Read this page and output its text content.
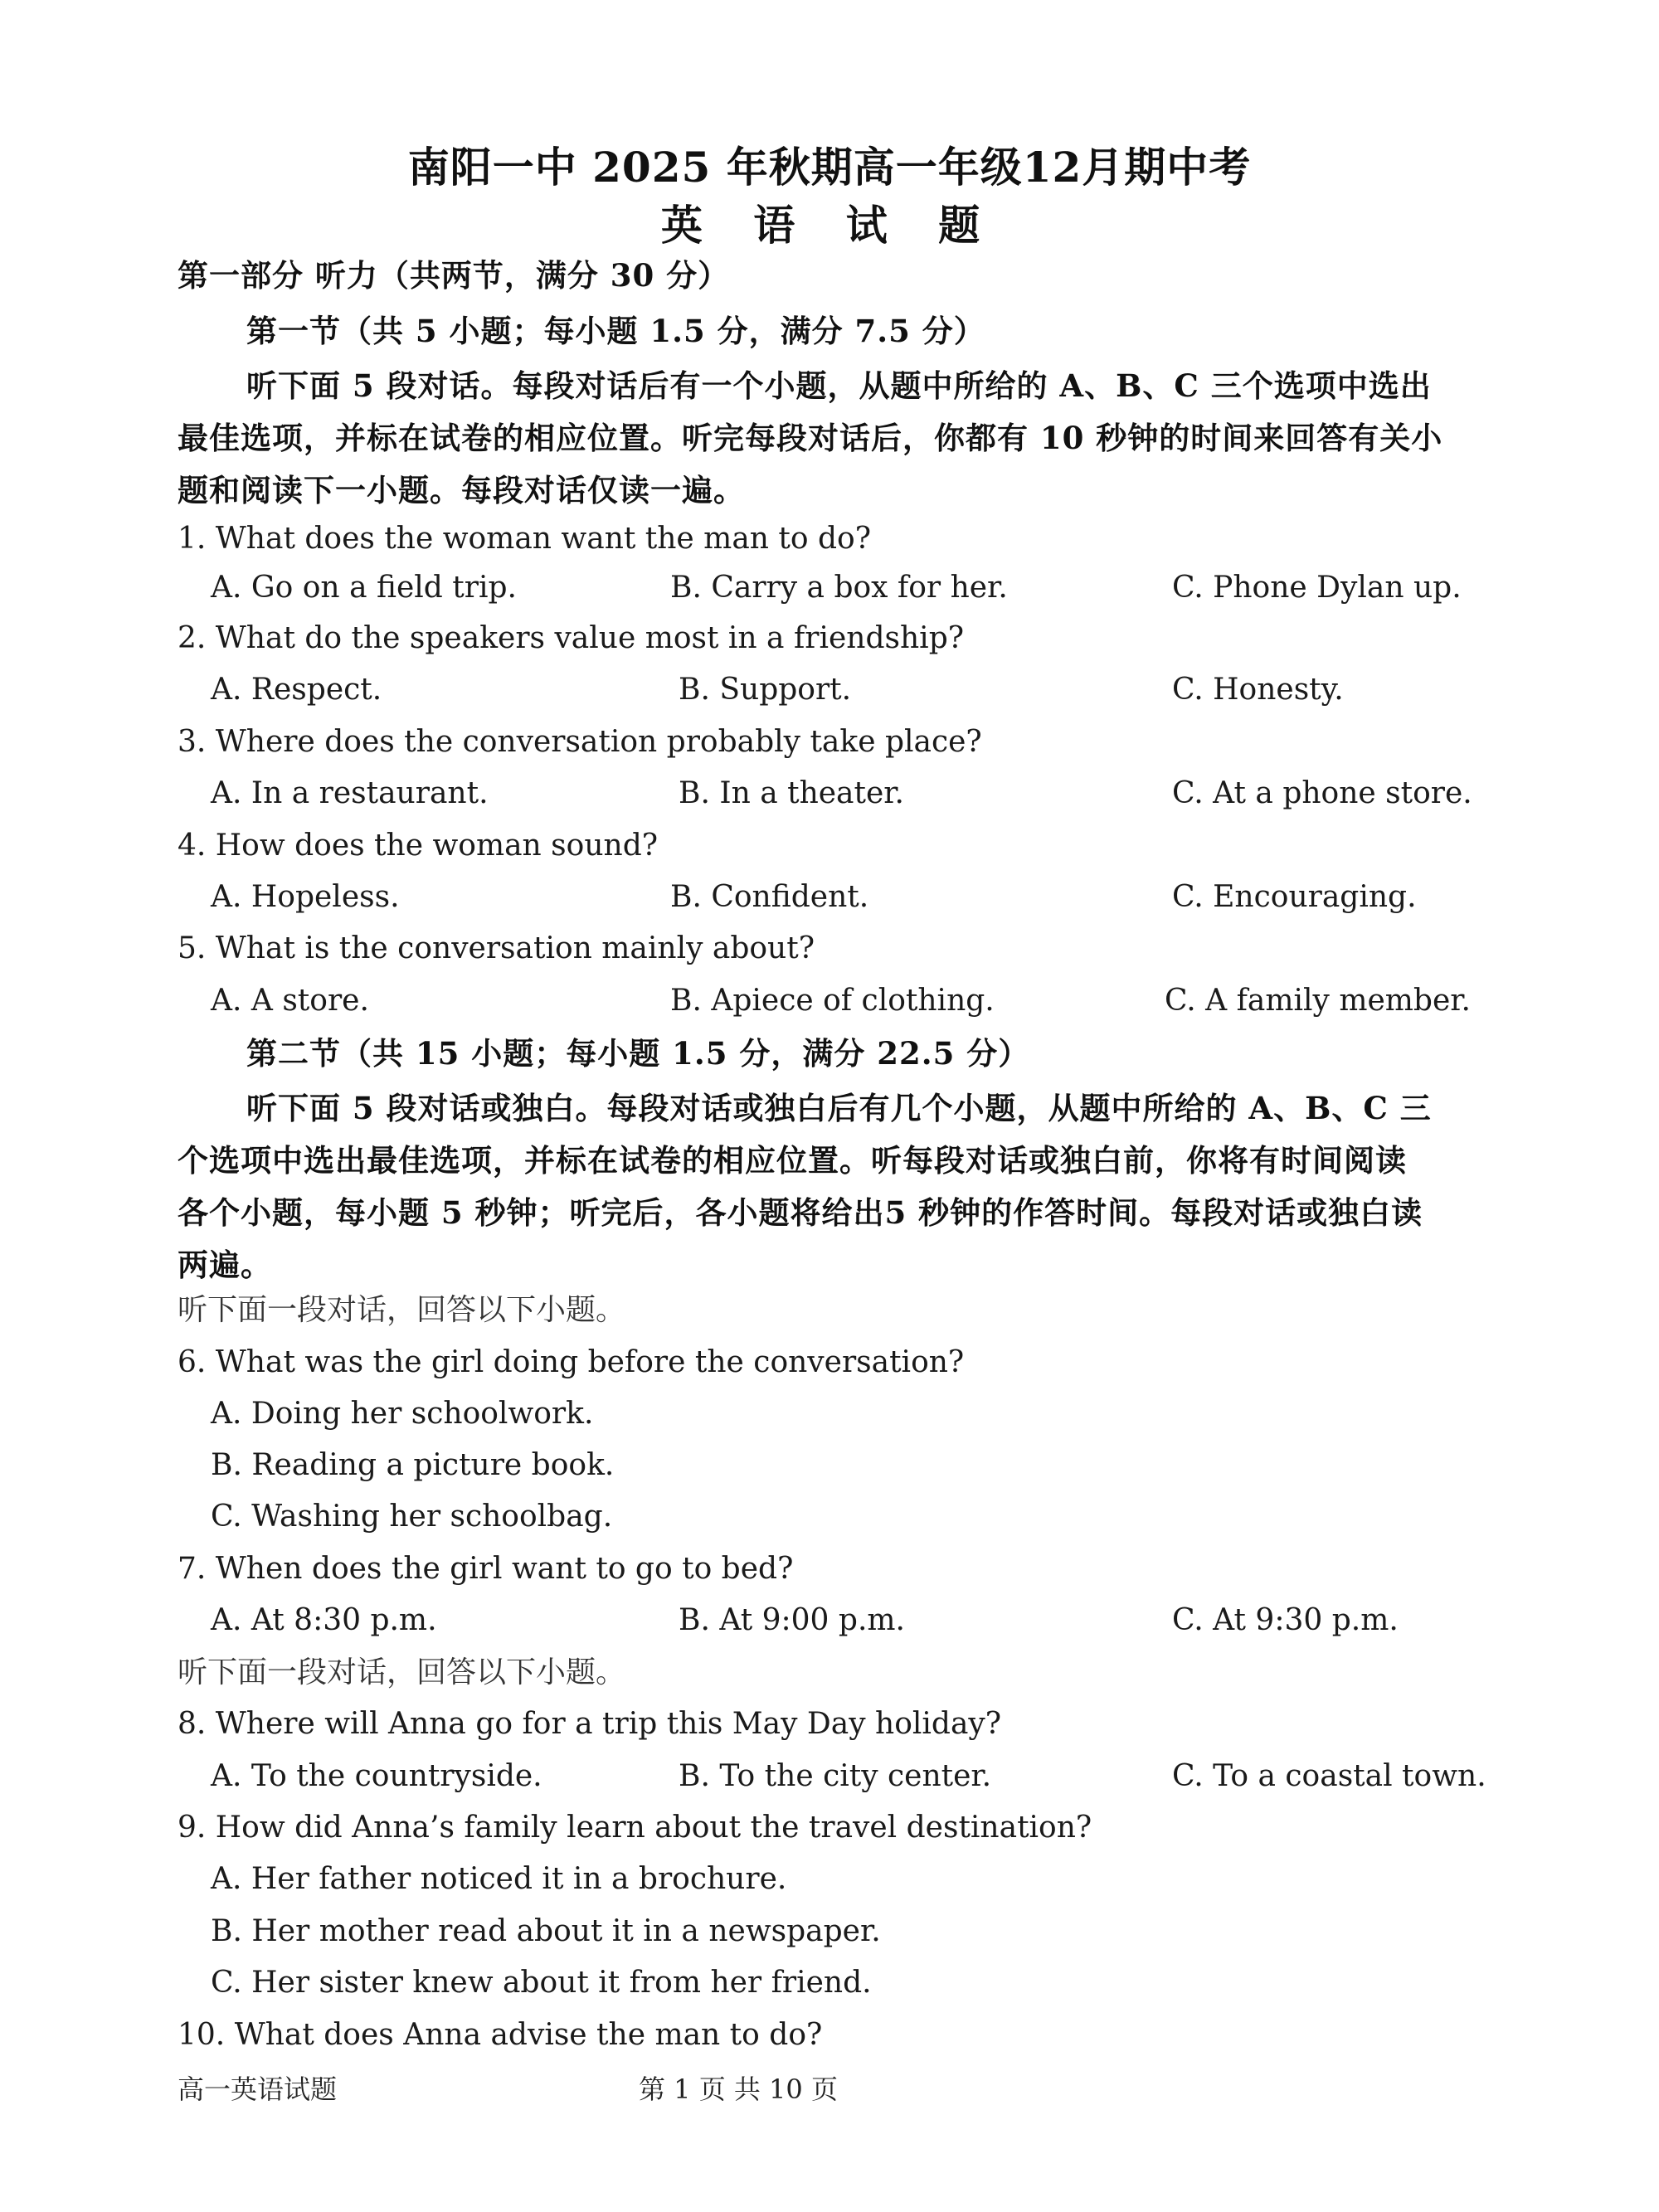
南阳一中 2025 年秋期高一年级12月期中考
英 语 试 题
第一部分 听力（共两节，满分 30 分）
第一节（共 5 小题；每小题 1.5 分，满分 7.5 分）
听下面 5 段对话。每段对话后有一个小题，从题中所给的 A、B、C 三个选项中选出
最佳选项，并标在试卷的相应位置。听完每段对话后，你都有 10 秒钟的时间来回答有关小
题和阅读下一小题。每段对话仅读一遍。
1. What does the woman want the man to do?
A. Go on a field trip.	B. Carry a box for her.	C. Phone Dylan up.
2. What do the speakers value most in a friendship?
A. Respect.	B. Support.	C. Honesty.
3. Where does the conversation probably take place?
A. In a restaurant.	B. In a theater.	C. At a phone store.
4. How does the woman sound?
A. Hopeless.	B. Confident.	C. Encouraging.
5. What is the conversation mainly about?
A. A store.	B. Apiece of clothing.	C. A family member.
第二节（共 15 小题；每小题 1.5 分，满分 22.5 分）
听下面 5 段对话或独白。每段对话或独白后有几个小题，从题中所给的 A、B、C 三
个选项中选出最佳选项，并标在试卷的相应位置。听每段对话或独白前，你将有时间阅读
各个小题，每小题 5 秒钟；听完后，各小题将给出5 秒钟的作答时间。每段对话或独白读
两遍。
听下面一段对话，回答以下小题。
6. What was the girl doing before the conversation?
A. Doing her schoolwork.
B. Reading a picture book.
C. Washing her schoolbag.
7. When does the girl want to go to bed?
A. At 8:30 p.m.	B. At 9:00 p.m.	C. At 9:30 p.m.
听下面一段对话，回答以下小题。
8. Where will Anna go for a trip this May Day holiday?
A. To the countryside.	B. To the city center.	C. To a coastal town.
9. How did Anna’s family learn about the travel destination?
A. Her father noticed it in a brochure.
B. Her mother read about it in a newspaper.
C. Her sister knew about it from her friend.
10. What does Anna advise the man to do?
高一英语试题	第 1 页 共 10 页
